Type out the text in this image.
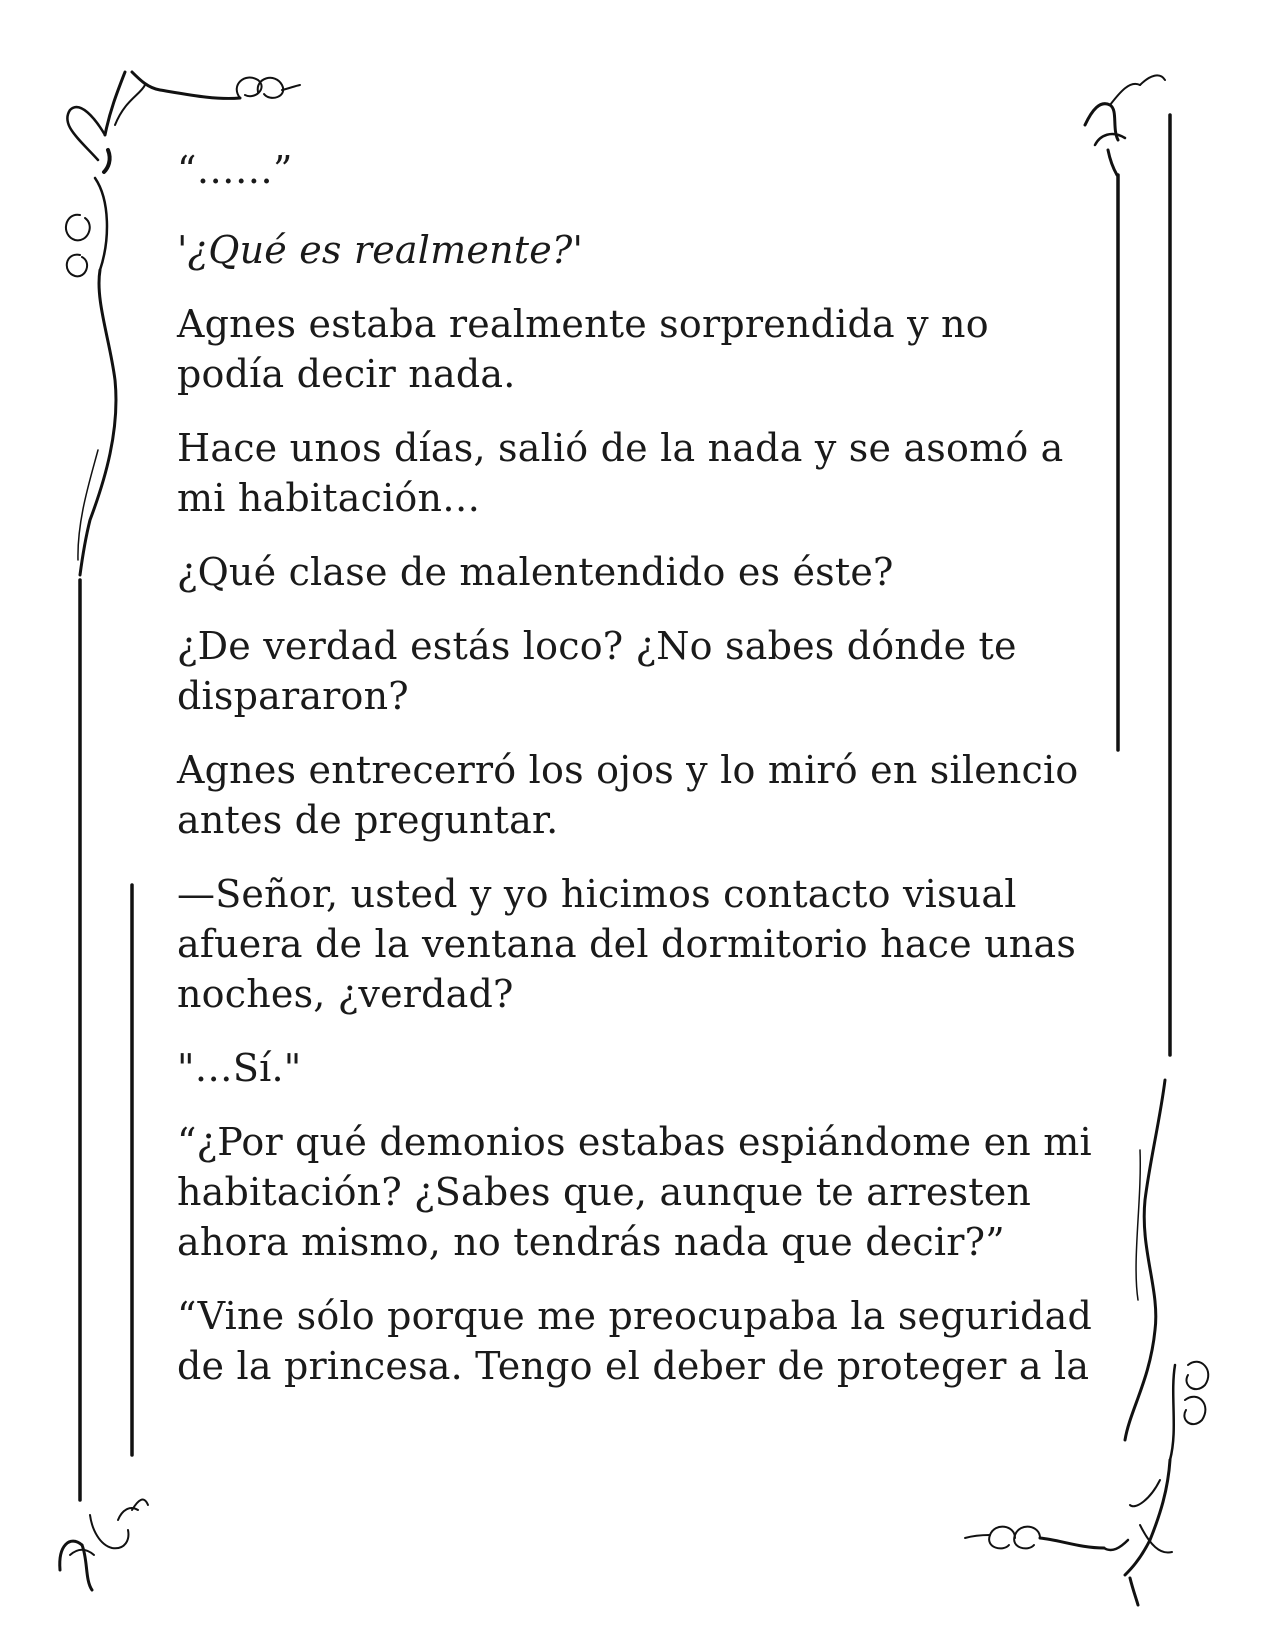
“……”

'¿Qué es realmente?'

Agnes estaba realmente sorprendida y no podía decir nada.

Hace unos días, salió de la nada y se asomó a mi habitación…

¿Qué clase de malentendido es éste?

¿De verdad estás loco? ¿No sabes dónde te dispararon?

Agnes entrecerró los ojos y lo miró en silencio antes de preguntar.

—Señor, usted y yo hicimos contacto visual afuera de la ventana del dormitorio hace unas noches, ¿verdad?

"…Sí."

“¿Por qué demonios estabas espiándome en mi habitación? ¿Sabes que, aunque te arresten ahora mismo, no tendrás nada que decir?”

“Vine sólo porque me preocupaba la seguridad de la princesa. Tengo el deber de proteger a la
